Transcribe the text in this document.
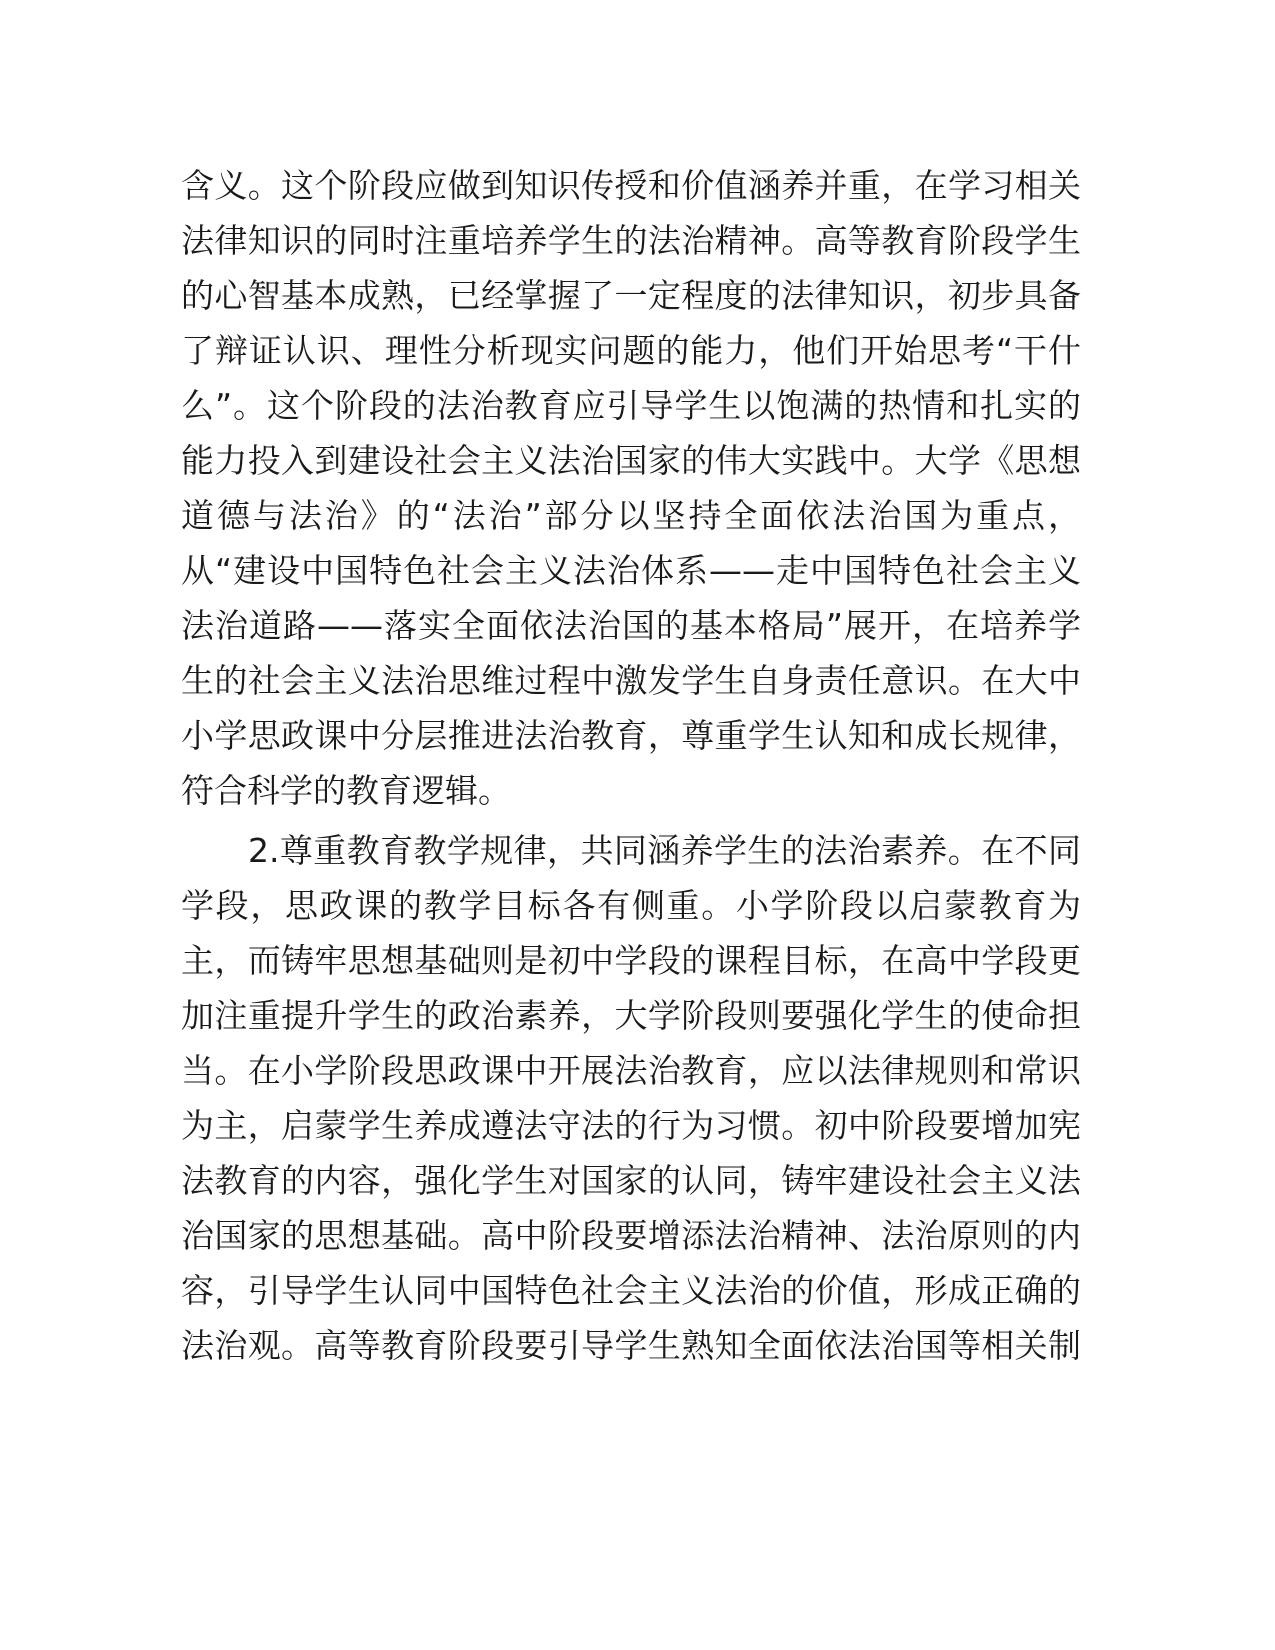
含义。这个阶段应做到知识传授和价值涵养并重，在学习相关
法律知识的同时注重培养学生的法治精神。高等教育阶段学生
的心智基本成熟，已经掌握了一定程度的法律知识，初步具备
了辩证认识、理性分析现实问题的能力，他们开始思考“干什
么”。这个阶段的法治教育应引导学生以饱满的热情和扎实的
能力投入到建设社会主义法治国家的伟大实践中。大学《思想
道德与法治》的“法治”部分以坚持全面依法治国为重点，
从“建设中国特色社会主义法治体系——走中国特色社会主义
法治道路——落实全面依法治国的基本格局”展开，在培养学
生的社会主义法治思维过程中激发学生自身责任意识。在大中
小学思政课中分层推进法治教育，尊重学生认知和成长规律，
符合科学的教育逻辑。
2.尊重教育教学规律，共同涵养学生的法治素养。在不同
学段，思政课的教学目标各有侧重。小学阶段以启蒙教育为
主，而铸牢思想基础则是初中学段的课程目标，在高中学段更
加注重提升学生的政治素养，大学阶段则要强化学生的使命担
当。在小学阶段思政课中开展法治教育，应以法律规则和常识
为主，启蒙学生养成遵法守法的行为习惯。初中阶段要增加宪
法教育的内容，强化学生对国家的认同，铸牢建设社会主义法
治国家的思想基础。高中阶段要增添法治精神、法治原则的内
容，引导学生认同中国特色社会主义法治的价值，形成正确的
法治观。高等教育阶段要引导学生熟知全面依法治国等相关制
